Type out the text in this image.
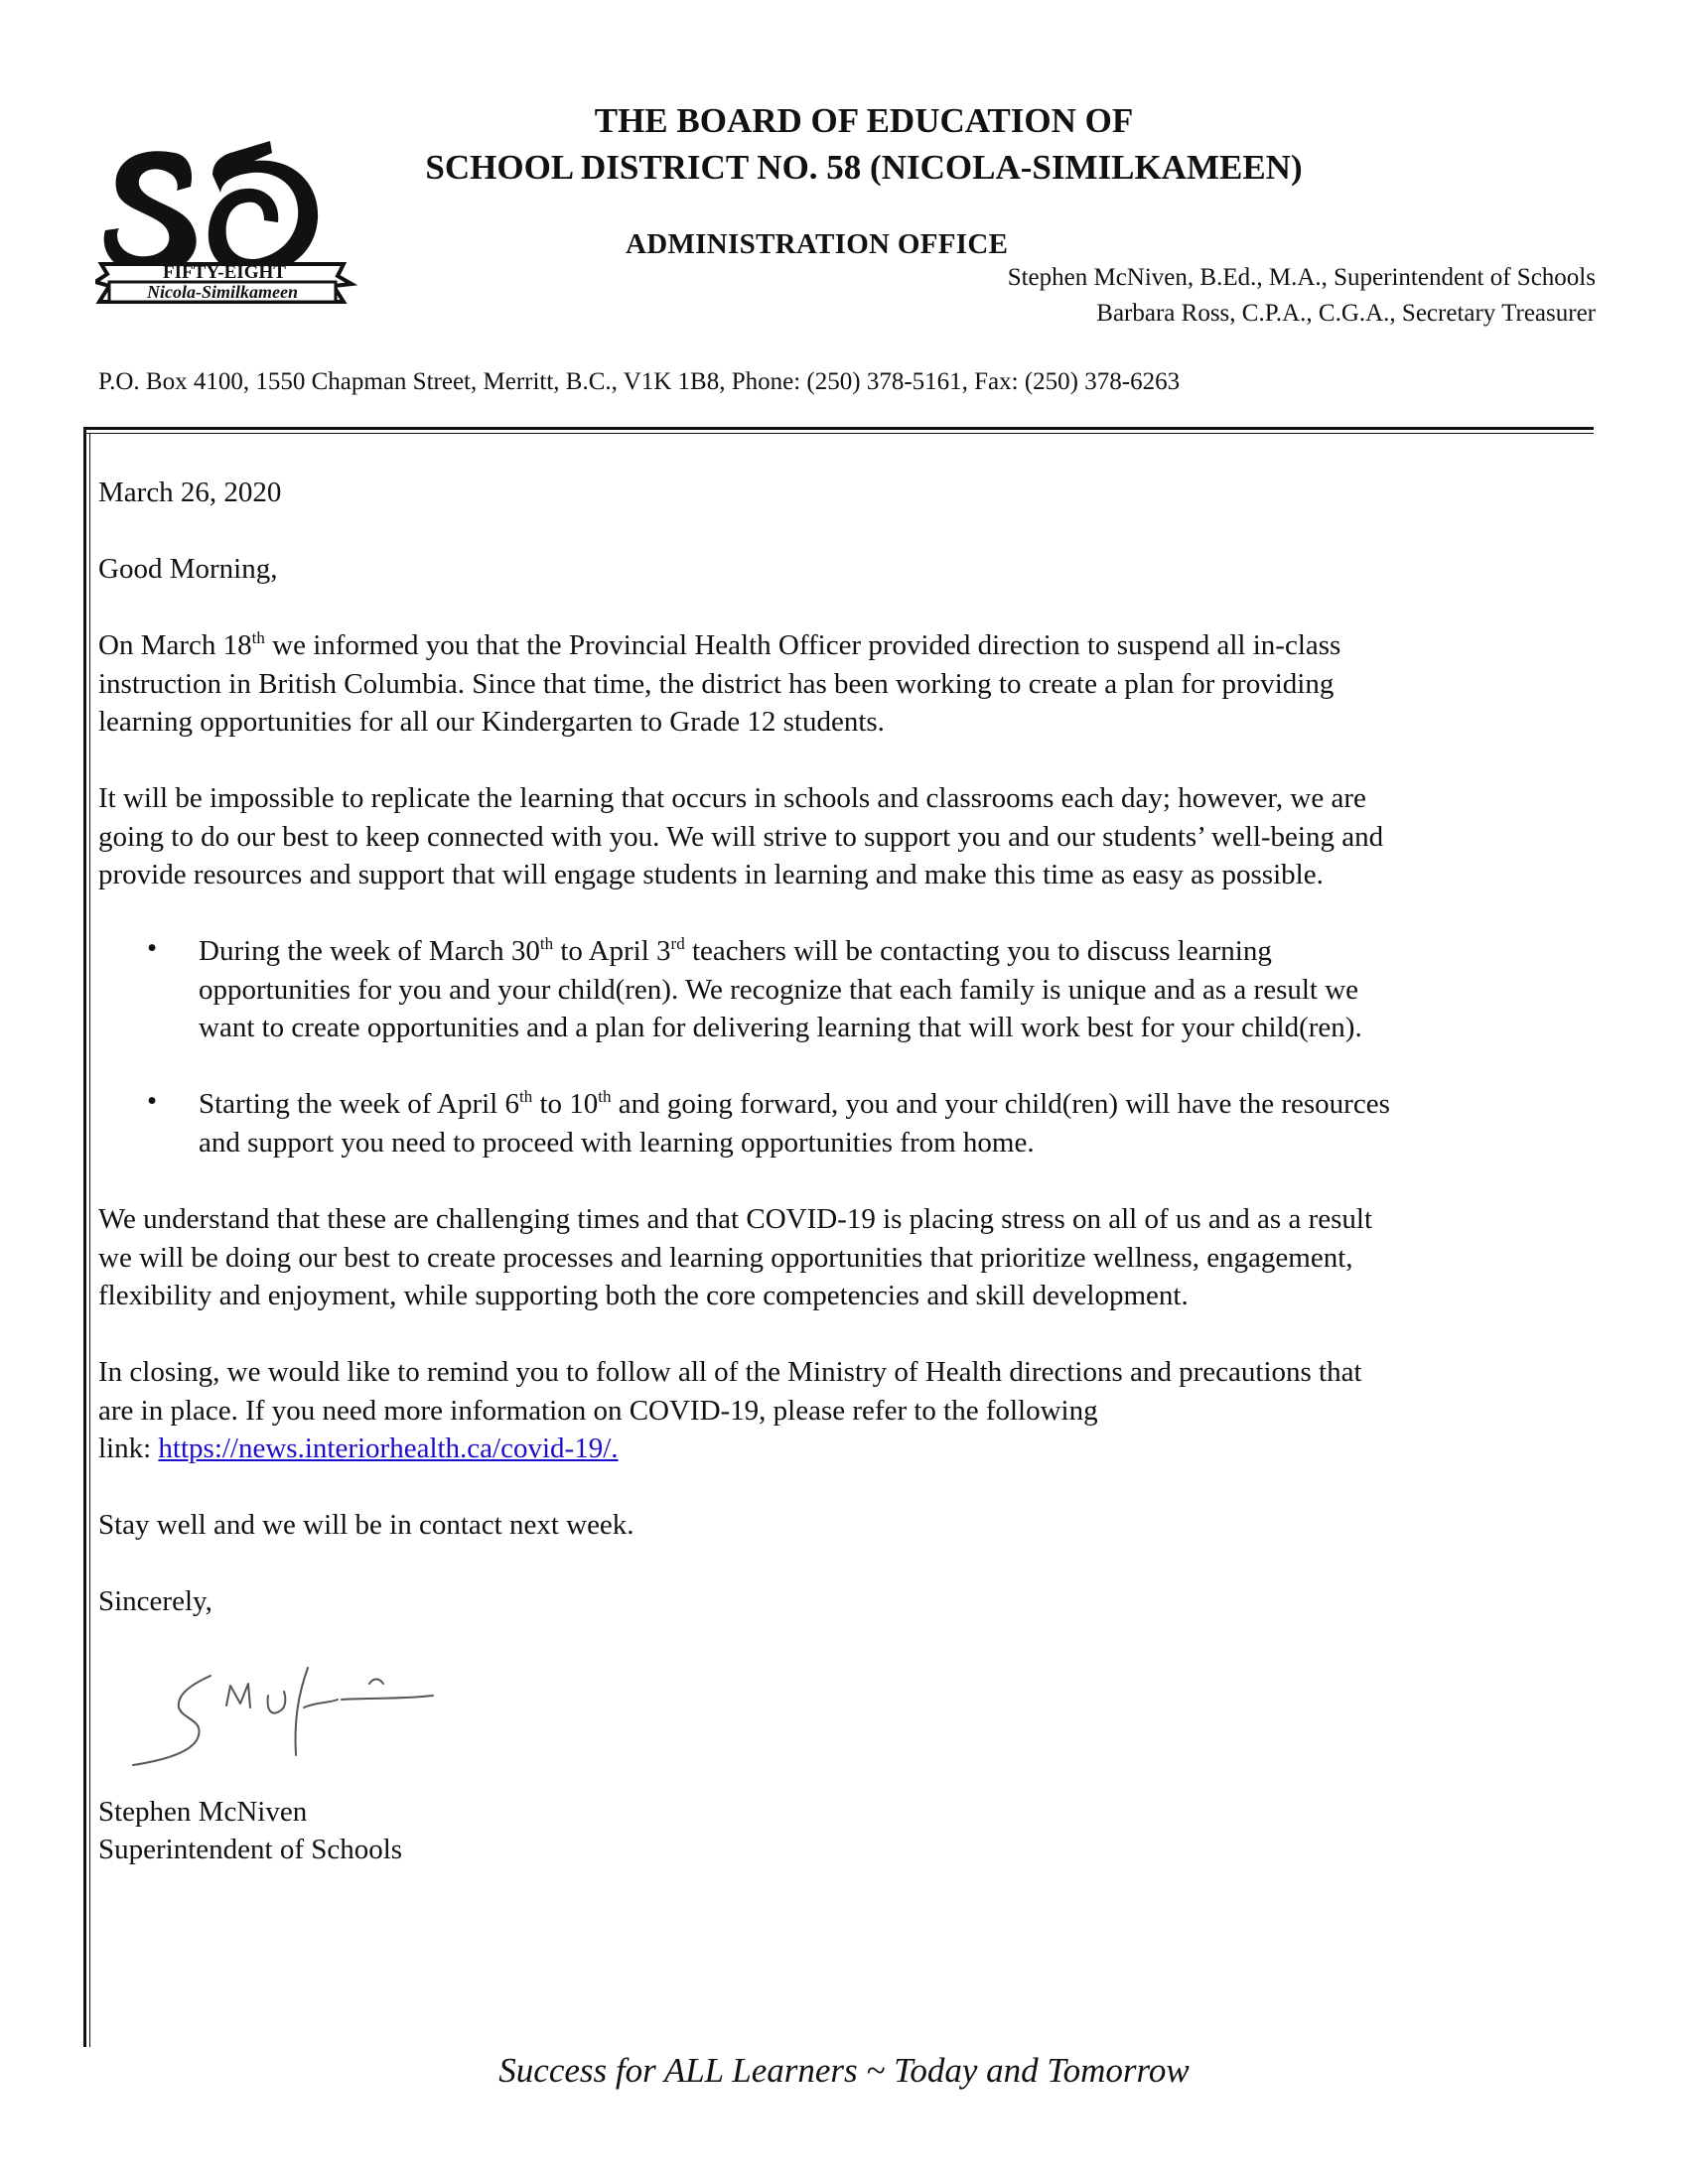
FIFTY-EIGHT
Nicola-Similkameen
THE BOARD OF EDUCATION OF
SCHOOL DISTRICT NO. 58 (NICOLA-SIMILKAMEEN)
ADMINISTRATION OFFICE
Stephen McNiven, B.Ed., M.A., Superintendent of Schools
Barbara Ross, C.P.A., C.G.A., Secretary Treasurer
P.O. Box 4100, 1550 Chapman Street, Merritt, B.C., V1K 1B8, Phone: (250) 378-5161, Fax: (250) 378-6263
March 26, 2020
Good Morning,
On March 18th we informed you that the Provincial Health Officer provided direction to suspend all in-class
instruction in British Columbia. Since that time, the district has been working to create a plan for providing
learning opportunities for all our Kindergarten to Grade 12 students.
It will be impossible to replicate the learning that occurs in schools and classrooms each day; however, we are
going to do our best to keep connected with you. We will strive to support you and our students’ well-being and
provide resources and support that will engage students in learning and make this time as easy as possible.
• During the week of March 30th to April 3rd teachers will be contacting you to discuss learning
opportunities for you and your child(ren). We recognize that each family is unique and as a result we
want to create opportunities and a plan for delivering learning that will work best for your child(ren).
• Starting the week of April 6th to 10th and going forward, you and your child(ren) will have the resources
and support you need to proceed with learning opportunities from home.
We understand that these are challenging times and that COVID-19 is placing stress on all of us and as a result
we will be doing our best to create processes and learning opportunities that prioritize wellness, engagement,
flexibility and enjoyment, while supporting both the core competencies and skill development.
In closing, we would like to remind you to follow all of the Ministry of Health directions and precautions that
are in place. If you need more information on COVID-19, please refer to the following
link: https://news.interiorhealth.ca/covid-19/.
Stay well and we will be in contact next week.
Sincerely,
Stephen McNiven
Superintendent of Schools
Success for ALL Learners ~ Today and Tomorrow
